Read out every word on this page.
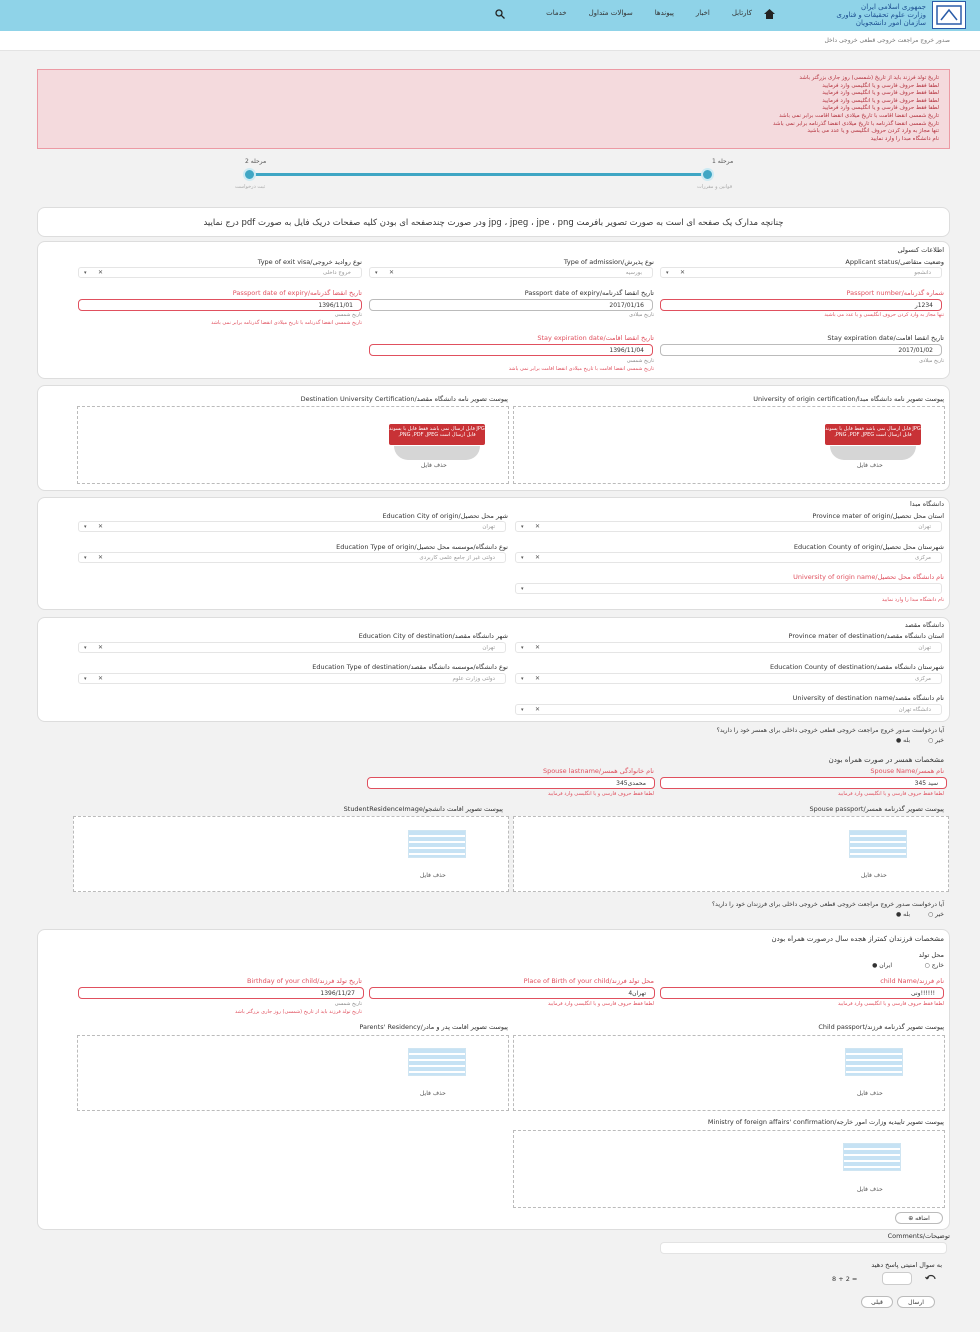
جمهوری اسلامی ایران
وزارت علوم تحقیقات و فناوری
سازمان امور دانشجویان
کارتابل
اخبار
پیوندها
سوالات متداول
خدمات
صدور خروج مراجعت خروجی قطعی خروجی داخل
تاریخ تولد فرزند باید از تاریخ (شمسی) روز جاری بزرگتر باشد
لطفا فقط حروف فارسی و یا انگلیسی وارد فرمایید
لطفا فقط حروف فارسی و یا انگلیسی وارد فرمایید
لطفا فقط حروف فارسی و یا انگلیسی وارد فرمایید
لطفا فقط حروف فارسی و یا انگلیسی وارد فرمایید
تاریخ شمسی انقضا اقامت با تاریخ میلادی انقضا اقامت برابر نمی باشد
تاریخ شمسی انقضا گذرنامه با تاریخ میلادی انقضا گذرنامه برابر نمی باشد
تنها مجاز به وارد کردن حروف انگلیسی و یا عدد می باشید
نام دانشگاه مبدا را وارد نمایید
مرحله 2	مرحله 1
ثبت درخواست	قوانین و مقررات
چنانچه مدارک یک صفحه ای است به صورت تصویر بافرمت jpg ، jpeg ، jpe ، png ودر صورت چندصفحه ای بودن کلیه صفحات دریک فایل به صورت pdf درج نمایید
اطلاعات کنسولی
وضعیت متقاضی/Applicant status
دانشجو
✕
▾
نوع پذیرش/Type of admission
بورسیه
✕
▾
نوع روادید خروجی/Type of exit visa
خروج داخلی
✕
▾
شماره گذرنامه/Passport number
1234ر
تنها مجاز به وارد کردن حروف انگلیسی و یا عدد می باشید
تاریخ انقضا گذرنامه/Passport date of expiry
2017/01/16
تاریخ میلادی
تاریخ انقضا گذرنامه/Passport date of expiry
1396/11/01
تاریخ شمسی
تاریخ شمسی انقضا گذرنامه با تاریخ میلادی انقضا گذرنامه برابر نمی باشد
تاریخ انقضا اقامت/Stay expiration date
2017/01/02
تاریخ میلادی
تاریخ انقضا اقامت/Stay expiration date
1396/11/04
تاریخ شمسی
تاریخ شمسی انقضا اقامت با تاریخ میلادی انقضا اقامت برابر نمی باشد
پیوست تصویر نامه دانشگاه مبدا/University of origin certification
قابل ارسال نمی باشد فقط فایل با پسوند JPG ,PNG ,PDF ,JPEG قابل ارسال است
حذف فایل
پیوست تصویر نامه دانشگاه مقصد/Destination University Certification
قابل ارسال نمی باشد فقط فایل با پسوند JPG ,PNG ,PDF ,JPEG قابل ارسال است
حذف فایل
دانشگاه مبدا
استان محل تحصیل/Province mater of origin
تهران
✕
▾
شهر محل تحصیل/Education City of origin
تهران
✕
▾
شهرستان محل تحصیل/Education County of origin
مرکزی
✕
▾
نوع دانشگاه/موسسه محل تحصیل/Education Type of origin
دولتی غیر از جامع علمی کاربردی
✕
▾
نام دانشگاه محل تحصیل/University of origin name
▾
نام دانشگاه مبدا را وارد نمایید
دانشگاه مقصد
استان دانشگاه مقصد/Province mater of destination
تهران
✕
▾
شهر دانشگاه مقصد/Education City of destination
تهران
✕
▾
شهرستان دانشگاه مقصد/Education County of destination
مرکزی
✕
▾
نوع دانشگاه/موسسه دانشگاه مقصد/Education Type of destination
دولتی وزارت علوم
✕
▾
نام دانشگاه مقصد/University of destination name
دانشگاه تهران
✕
▾
آیا درخواست صدور خروج مراجعت خروجی قطعی خروجی داخلی برای همسر خود را دارید؟
خیر ○
بله ●
مشخصات همسر در صورت همراه بودن
نام همسر/Spouse Name
سید 345
لطفا فقط حروف فارسی و یا انگلیسی وارد فرمایید
نام خانوادگی همسر/Spouse lastname
محمدی345
لطفا فقط حروف فارسی و یا انگلیسی وارد فرمایید
پیوست تصویر گذرنامه همسر/Spouse passport
حذف فایل
پیوست تصویر اقامت دانشجو/StudentResidenceImage
حذف فایل
آیا درخواست صدور خروج مراجعت خروجی قطعی خروجی داخلی برای فرزندان خود را دارید؟
خیر ○
بله ●
مشخصات فرزندان کمتراز هجده سال درصورت همراه بودن
محل تولد
خارج ○
ایران ●
نام فرزند/child Name
!!!!!!ونی
لطفا فقط حروف فارسی و یا انگلیسی وارد فرمایید
محل تولد فرزند/Place of Birth of your child
تهران4
لطفا فقط حروف فارسی و یا انگلیسی وارد فرمایید
تاریخ تولد فرزند/Birthday of your child
1396/11/27
تاریخ شمسی
تاریخ تولد فرزند باید از تاریخ (شمسی) روز جاری بزرگتر باشد
پیوست تصویر گذرنامه فرزند/Child passport
حذف فایل
پیوست تصویر اقامت پدر و مادر/Parents' Residency
حذف فایل
پیوست تصویر تاییدیه وزارت امور خارجه/Ministry of foreign affairs' confirmation
حذف فایل
⊕ اضافه
توضیحات/Comments
به سوال امنیتی پاسخ دهید
8 + 2 =
ارسال
قبلی
